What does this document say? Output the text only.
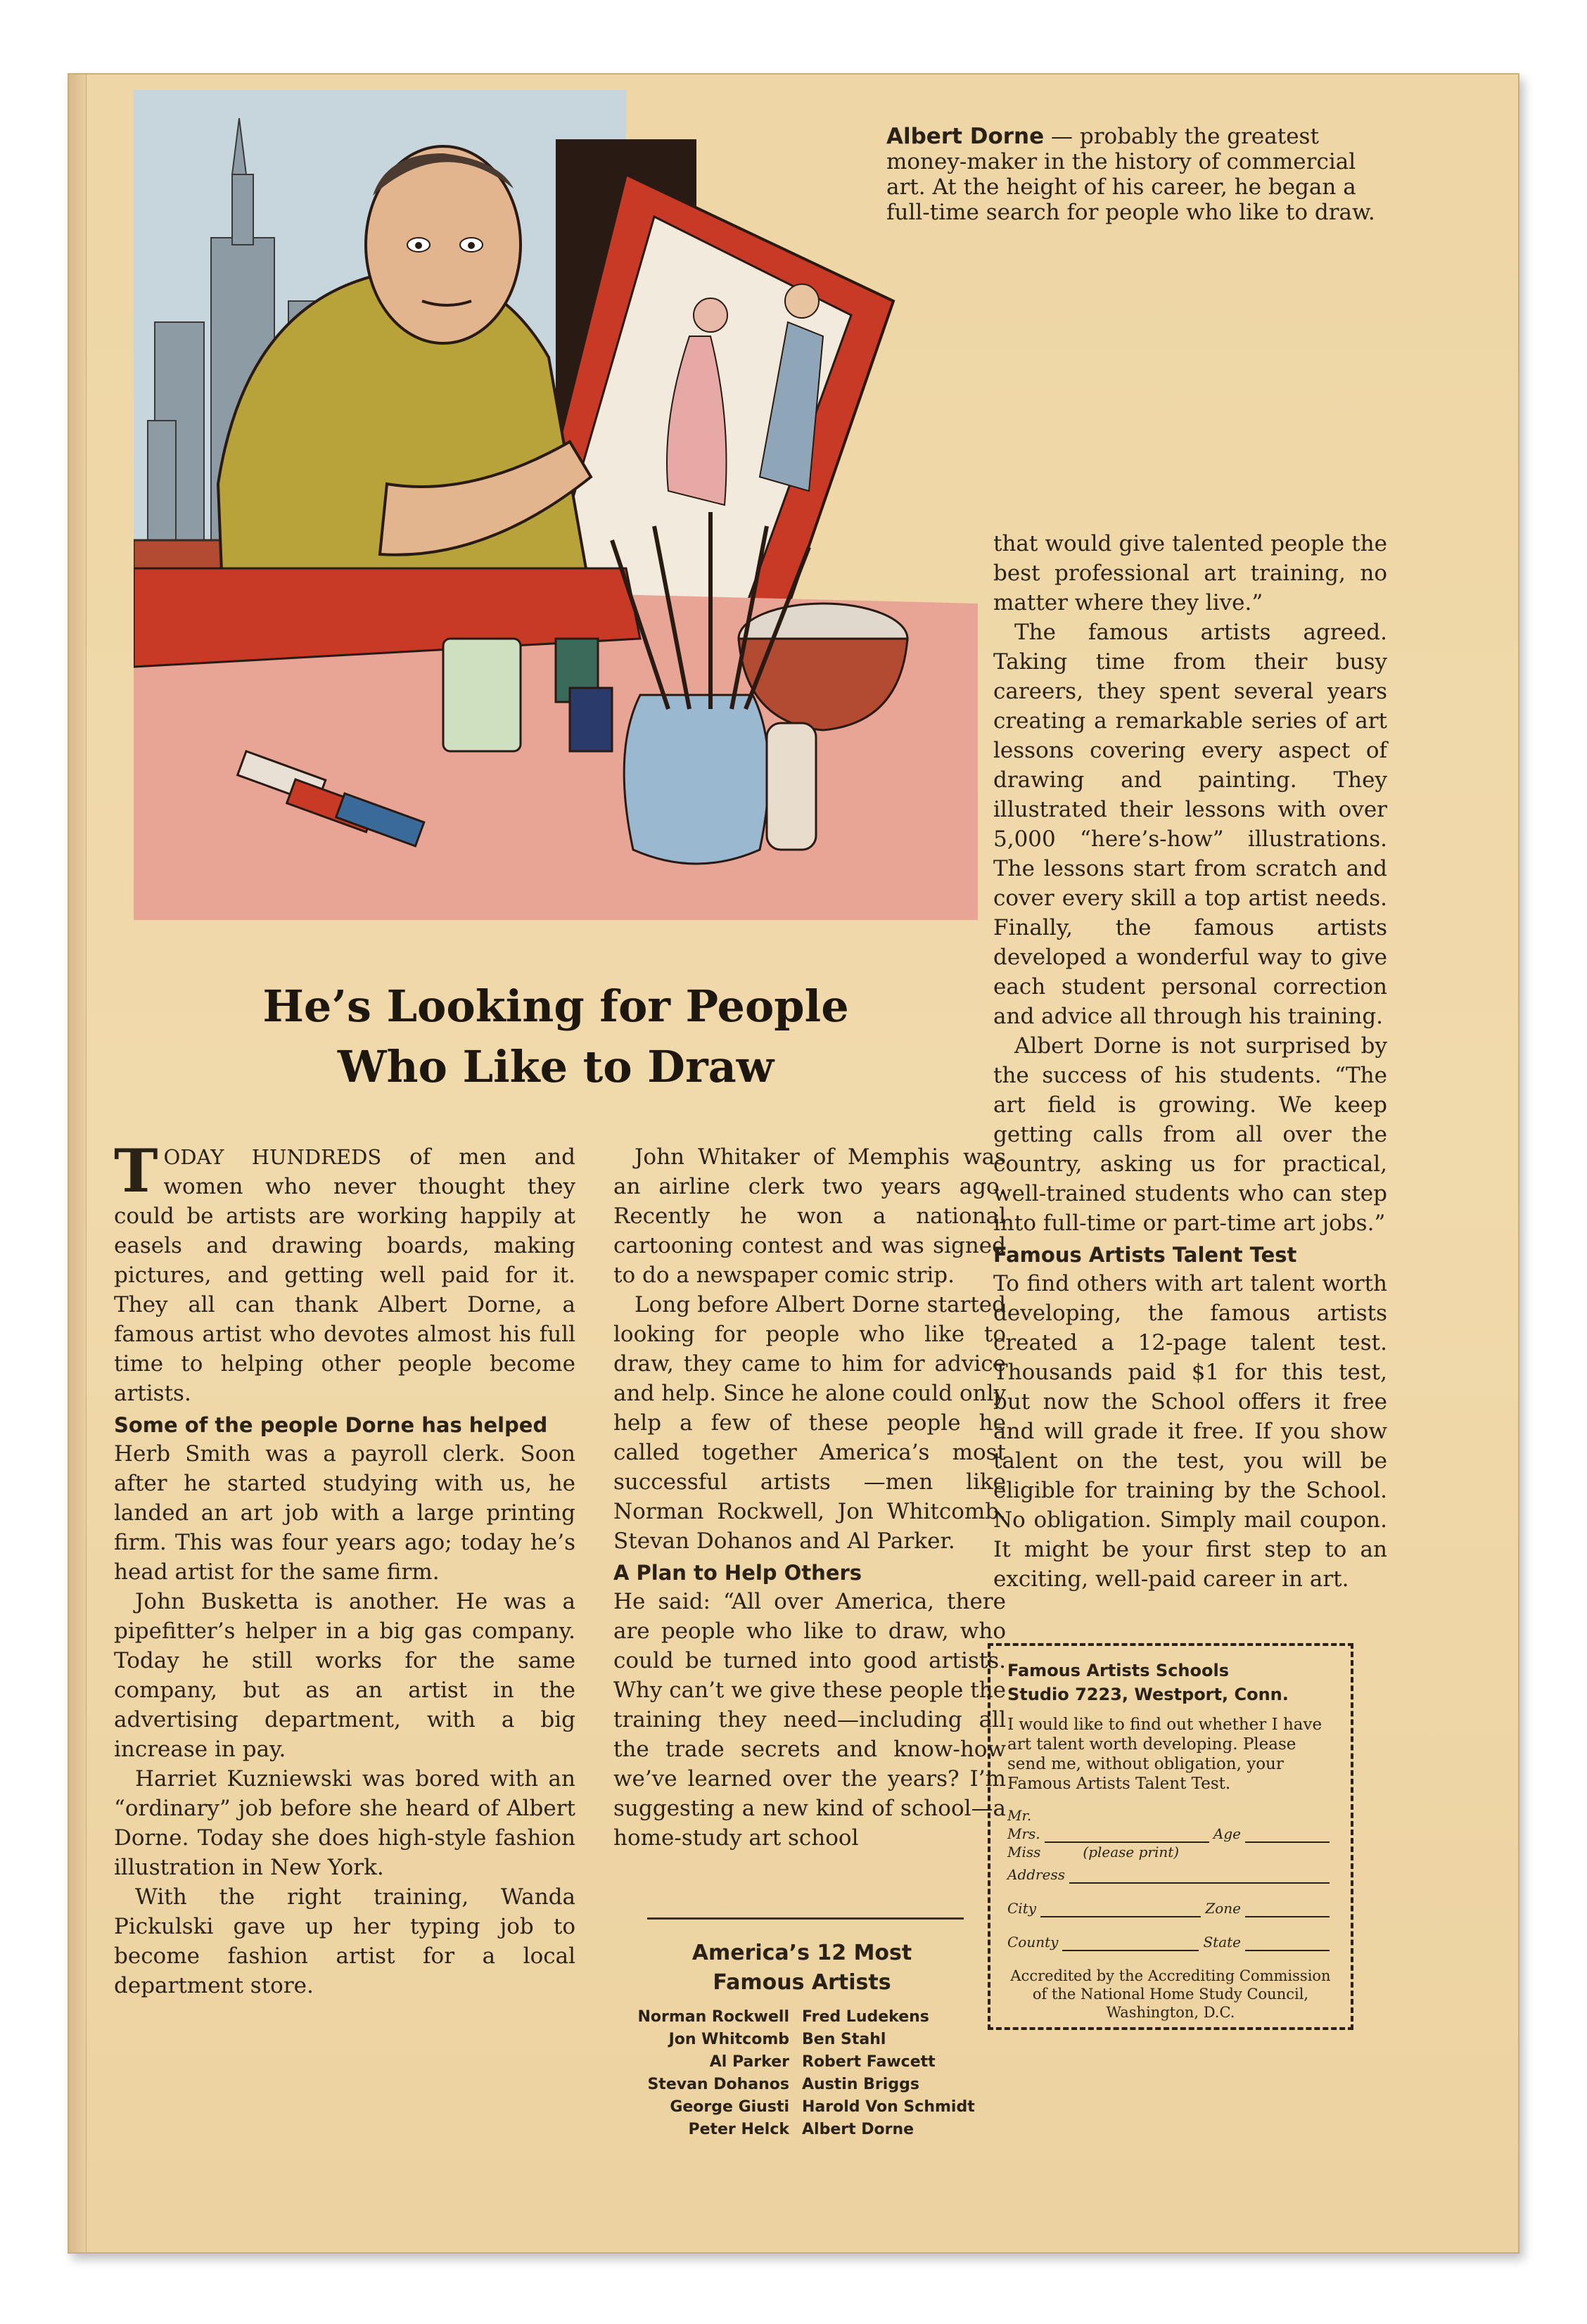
Albert Dorne — probably the greatest money-maker in the history of commercial art. At the height of his career, he began a full-time search for people who like to draw.
He’s Looking for People
Who Like to Draw

TODAY HUNDREDS of men and women who never thought they could be artists are working happily at easels and drawing boards, making pictures, and getting well paid for it. They all can thank Albert Dorne, a famous artist who devotes almost his full time to helping other people become artists.

Some of the people Dorne has helped

Herb Smith was a payroll clerk. Soon after he started studying with us, he landed an art job with a large printing firm. This was four years ago; today he’s head artist for the same firm.

John Busketta is another. He was a pipefitter’s helper in a big gas company. Today he still works for the same company, but as an artist in the advertising department, with a big increase in pay.

Harriet Kuzniewski was bored with an “ordinary” job before she heard of Albert Dorne. Today she does high-style fashion illustration in New York.

With the right training, Wanda Pickulski gave up her typing job to become fashion artist for a local department store.

John Whitaker of Memphis was an airline clerk two years ago. Recently he won a national cartooning contest and was signed to do a newspaper comic strip.

Long before Albert Dorne started looking for people who like to draw, they came to him for advice and help. Since he alone could only help a few of these people he called together America’s most successful artists —men like Norman Rockwell, Jon Whitcomb. Stevan Dohanos and Al Parker.

A Plan to Help Others

He said: “All over America, there are people who like to draw, who could be turned into good artists. Why can’t we give these people the training they need—including all the trade secrets and know-how we’ve learned over the years? I’m suggesting a new kind of school—a home-study art school

America’s 12 Most
Famous Artists
Norman Rockwell Fred Ludekens
Jon Whitcomb Ben Stahl
Al Parker Robert Fawcett
Stevan Dohanos Austin Briggs
George Giusti Harold Von Schmidt
Peter Helck Albert Dorne

that would give talented people the best professional art training, no matter where they live.”

The famous artists agreed. Taking time from their busy careers, they spent several years creating a remarkable series of art lessons covering every aspect of drawing and painting. They illustrated their lessons with over 5,000 “here’s-how” illustrations. The lessons start from scratch and cover every skill a top artist needs. Finally, the famous artists developed a wonderful way to give each student personal correction and advice all through his training.

Albert Dorne is not surprised by the success of his students. “The art field is growing. We keep getting calls from all over the country, asking us for practical, well-trained students who can step into full-time or part-time art jobs.”

Famous Artists Talent Test

To find others with art talent worth developing, the famous artists created a 12-page talent test. Thousands paid $1 for this test, but now the School offers it free and will grade it free. If you show talent on the test, you will be eligible for training by the School. No obligation. Simply mail coupon. It might be your first step to an exciting, well-paid career in art.

Famous Artists Schools
Studio 7223, Westport, Conn.
I would like to find out whether I have art talent worth developing. Please send me, without obligation, your Famous Artists Talent Test.
Mr.
Mrs.	Age
Miss	(please print)
Address
City	Zone
County	State
Accredited by the Accrediting Commission of the National Home Study Council, Washington, D.C.
